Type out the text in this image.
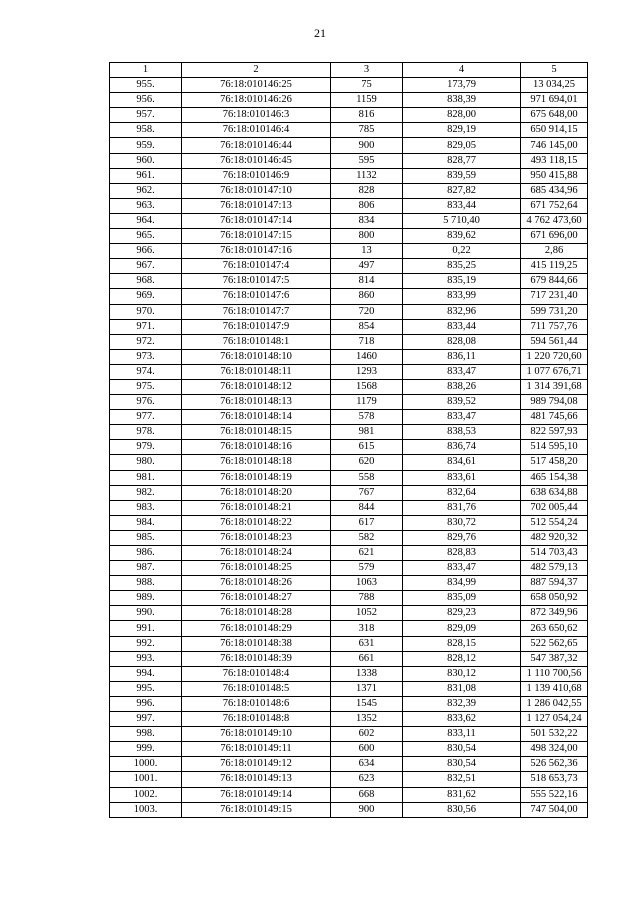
21
1	2	3	4	5
955.	76:18:010146:25	75	173,79	13 034,25
956.	76:18:010146:26	1159	838,39	971 694,01
957.	76:18:010146:3	816	828,00	675 648,00
958.	76:18:010146:4	785	829,19	650 914,15
959.	76:18:010146:44	900	829,05	746 145,00
960.	76:18:010146:45	595	828,77	493 118,15
961.	76:18:010146:9	1132	839,59	950 415,88
962.	76:18:010147:10	828	827,82	685 434,96
963.	76:18:010147:13	806	833,44	671 752,64
964.	76:18:010147:14	834	5 710,40	4 762 473,60
965.	76:18:010147:15	800	839,62	671 696,00
966.	76:18:010147:16	13	0,22	2,86
967.	76:18:010147:4	497	835,25	415 119,25
968.	76:18:010147:5	814	835,19	679 844,66
969.	76:18:010147:6	860	833,99	717 231,40
970.	76:18:010147:7	720	832,96	599 731,20
971.	76:18:010147:9	854	833,44	711 757,76
972.	76:18:010148:1	718	828,08	594 561,44
973.	76:18:010148:10	1460	836,11	1 220 720,60
974.	76:18:010148:11	1293	833,47	1 077 676,71
975.	76:18:010148:12	1568	838,26	1 314 391,68
976.	76:18:010148:13	1179	839,52	989 794,08
977.	76:18:010148:14	578	833,47	481 745,66
978.	76:18:010148:15	981	838,53	822 597,93
979.	76:18:010148:16	615	836,74	514 595,10
980.	76:18:010148:18	620	834,61	517 458,20
981.	76:18:010148:19	558	833,61	465 154,38
982.	76:18:010148:20	767	832,64	638 634,88
983.	76:18:010148:21	844	831,76	702 005,44
984.	76:18:010148:22	617	830,72	512 554,24
985.	76:18:010148:23	582	829,76	482 920,32
986.	76:18:010148:24	621	828,83	514 703,43
987.	76:18:010148:25	579	833,47	482 579,13
988.	76:18:010148:26	1063	834,99	887 594,37
989.	76:18:010148:27	788	835,09	658 050,92
990.	76:18:010148:28	1052	829,23	872 349,96
991.	76:18:010148:29	318	829,09	263 650,62
992.	76:18:010148:38	631	828,15	522 562,65
993.	76:18:010148:39	661	828,12	547 387,32
994.	76:18:010148:4	1338	830,12	1 110 700,56
995.	76:18:010148:5	1371	831,08	1 139 410,68
996.	76:18:010148:6	1545	832,39	1 286 042,55
997.	76:18:010148:8	1352	833,62	1 127 054,24
998.	76:18:010149:10	602	833,11	501 532,22
999.	76:18:010149:11	600	830,54	498 324,00
1000.	76:18:010149:12	634	830,54	526 562,36
1001.	76:18:010149:13	623	832,51	518 653,73
1002.	76:18:010149:14	668	831,62	555 522,16
1003.	76:18:010149:15	900	830,56	747 504,00
